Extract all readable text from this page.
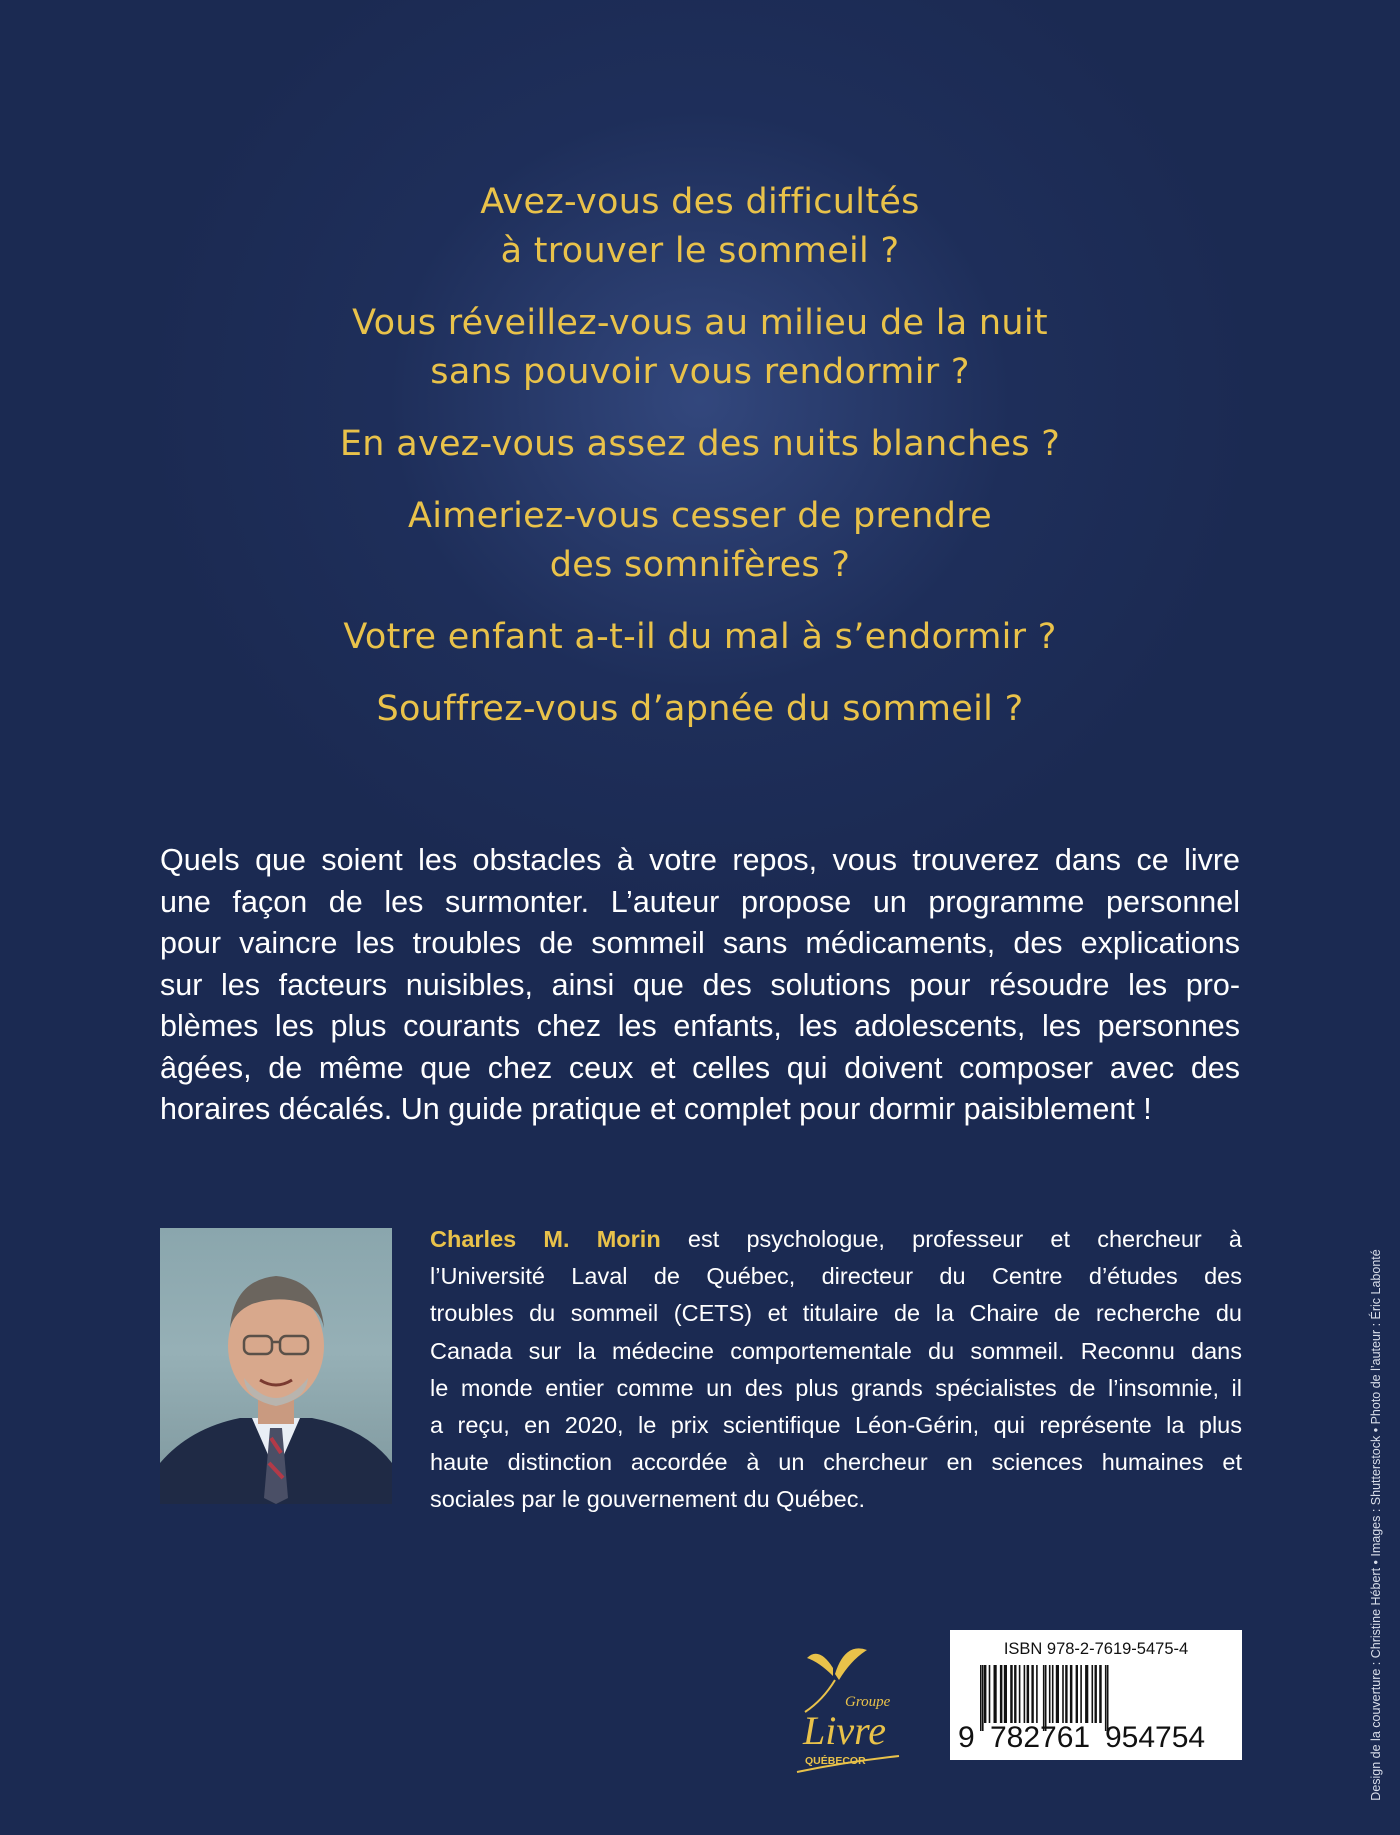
Avez-vous des difficultés
à trouver le sommeil ?
Vous réveillez-vous au milieu de la nuit
sans pouvoir vous rendormir ?
En avez-vous assez des nuits blanches ?
Aimeriez-vous cesser de prendre
des somnifères ?
Votre enfant a-t-il du mal à s’endormir ?
Souffrez-vous d’apnée du sommeil ?
Quels que soient les obstacles à votre repos, vous trouverez dans ce livre
une façon de les surmonter. L’auteur propose un programme personnel
pour vaincre les troubles de sommeil sans médicaments, des explications
sur les facteurs nuisibles, ainsi que des solutions pour résoudre les pro-
blèmes les plus courants chez les enfants, les adolescents, les personnes
âgées, de même que chez ceux et celles qui doivent composer avec des
horaires décalés. Un guide pratique et complet pour dormir paisiblement !
Charles M. Morin est psychologue, professeur et chercheur à
l’Université Laval de Québec, directeur du Centre d’études des
troubles du sommeil (CETS) et titulaire de la Chaire de recherche du
Canada sur la médecine comportementale du sommeil. Reconnu dans
le monde entier comme un des plus grands spécialistes de l’insomnie, il
a reçu, en 2020, le prix scientifique Léon-Gérin, qui représente la plus
haute distinction accordée à un chercheur en sciences humaines et
sociales par le gouvernement du Québec.	Design de la couverture : Christine Hébert • Images : Shutterstock • Photo de l’auteur : Éric Labonté
Groupe
Livre
QUÉBECOR
ISBN 978-2-7619-5475-4
9 782761 954754
